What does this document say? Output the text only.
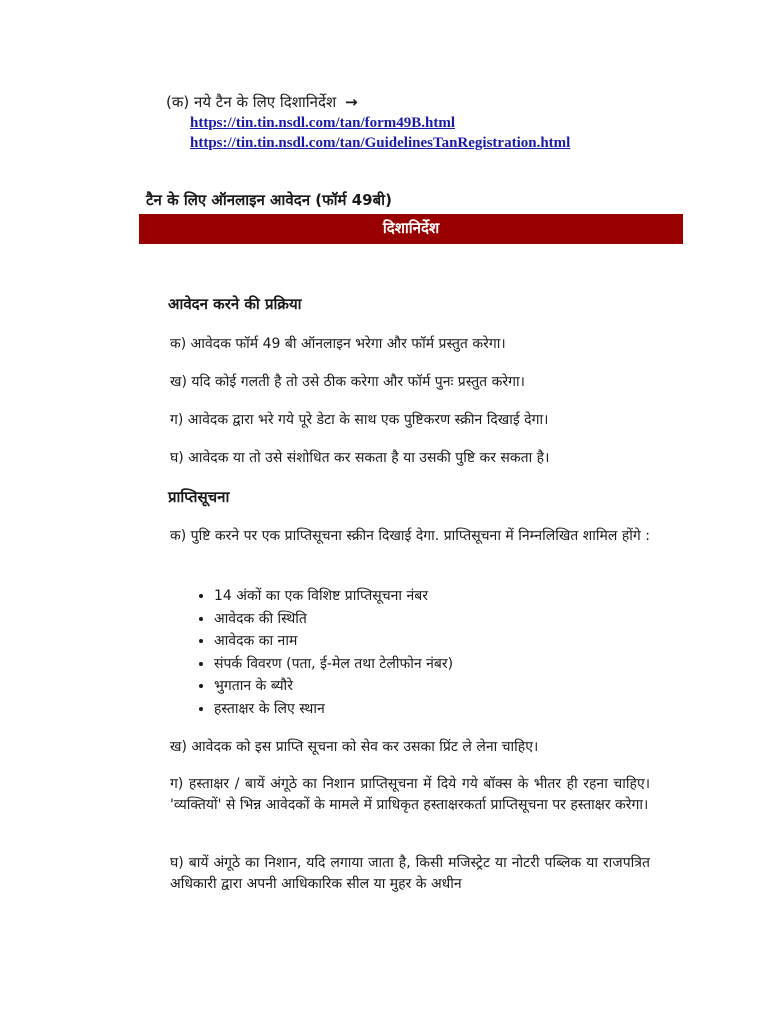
(क) नये टैन के लिए दिशानिर्देश →
https://tin.tin.nsdl.com/tan/form49B.html
https://tin.tin.nsdl.com/tan/GuidelinesTanRegistration.html
टैन के लिए ऑनलाइन आवेदन (फॉर्म 49बी)
दिशानिर्देश
आवेदन करने की प्रक्रिया
क) आवेदक फॉर्म 49 बी ऑनलाइन भरेगा और फॉर्म प्रस्तुत करेगा।
ख) यदि कोई गलती है तो उसे ठीक करेगा और फॉर्म पुनः प्रस्तुत करेगा।
ग) आवेदक द्वारा भरे गये पूरे डेटा के साथ एक पुष्टिकरण स्क्रीन दिखाई देगा।
घ) आवेदक या तो उसे संशोधित कर सकता है या उसकी पुष्टि कर सकता है।
प्राप्तिसूचना
क) पुष्टि करने पर एक प्राप्तिसूचना स्क्रीन दिखाई देगा. प्राप्तिसूचना में निम्नलिखित शामिल होंगे :
• 14 अंकों का एक विशिष्ट प्राप्तिसूचना नंबर
• आवेदक की स्थिति
• आवेदक का नाम
• संपर्क विवरण (पता, ई-मेल तथा टेलीफोन नंबर)
• भुगतान के ब्यौरे
• हस्ताक्षर के लिए स्थान
ख) आवेदक को इस प्राप्ति सूचना को सेव कर उसका प्रिंट ले लेना चाहिए।
ग) हस्ताक्षर / बायें अंगूठे का निशान प्राप्तिसूचना में दिये गये बॉक्स के भीतर ही रहना चाहिए। 'व्यक्तियों' से भिन्न आवेदकों के मामले में प्राधिकृत हस्ताक्षरकर्ता प्राप्तिसूचना पर हस्ताक्षर करेगा।
घ) बायें अंगूठे का निशान, यदि लगाया जाता है, किसी मजिस्ट्रेट या नोटरी पब्लिक या राजपत्रित अधिकारी द्वारा अपनी आधिकारिक सील या मुहर के अधीन
